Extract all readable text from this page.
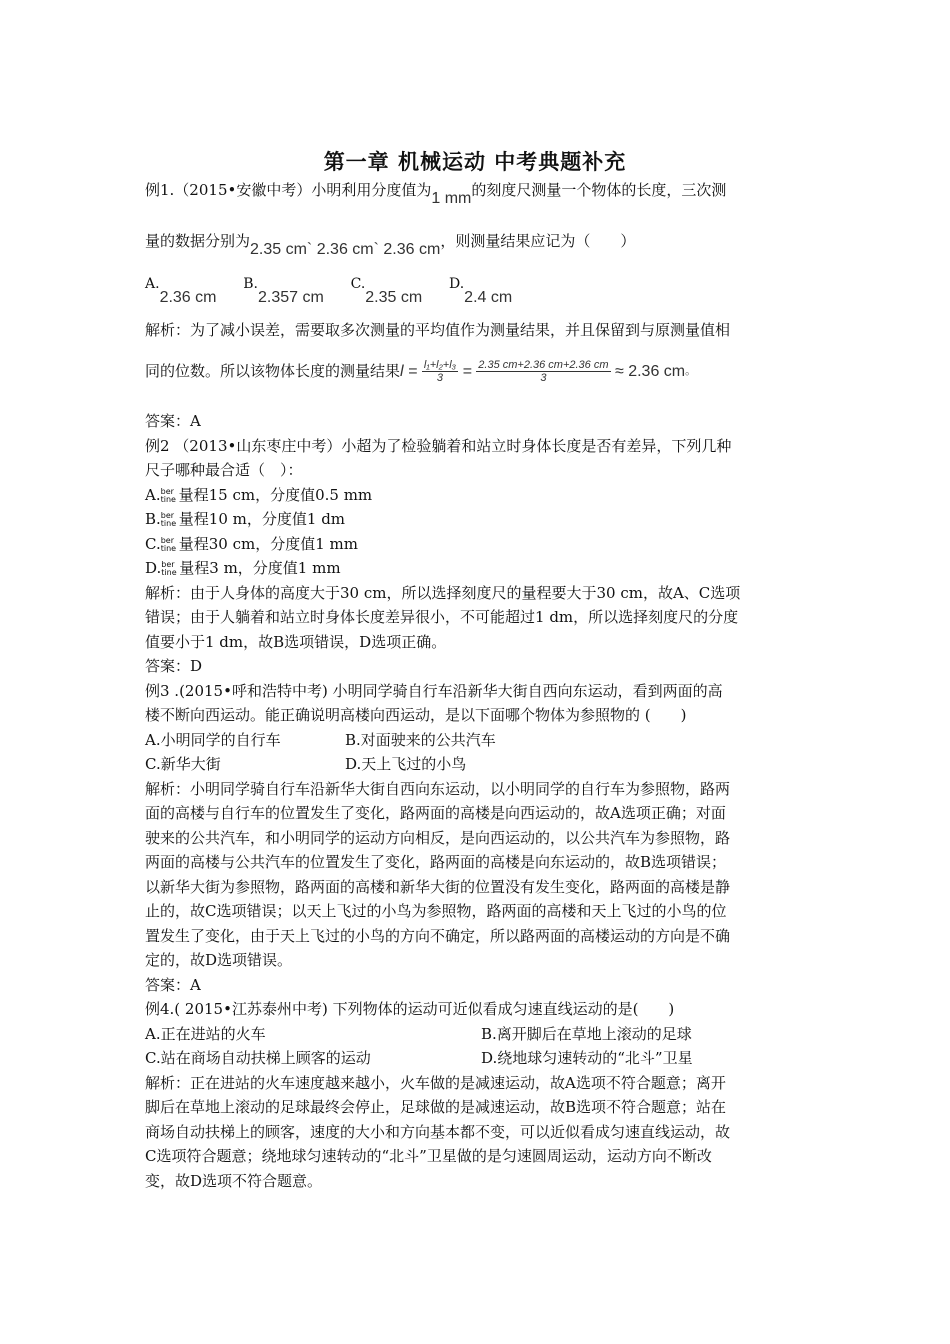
第一章 机械运动 中考典题补充

例1.（2015•安徽中考）小明利用分度值为1 mm的刻度尺测量一个物体的长度，三次测

量的数据分别为2.35 cm` 2.36 cm` 2.36 cm，则测量结果应记为（　　）

A.2.36 cm B.2.357 cm C.2.35 cm D.2.4 cm

解析：为了减小误差，需要取多次测量的平均值作为测量结果，并且保留到与原测量值相

同的位数。所以该物体长度的测量结果$l = \frac{\text{l₁+l₂+l₃}}{3} = \frac{2.35 cm+2.36 cm+2.36 cm}{3} \approx 2.36$ cm。

答案：A

例2 （2013•山东枣庄中考）小超为了检验躺着和站立时身体长度是否有差异，下列几种

尺子哪种最合适（　）：

A.ber
tine 量程15 cm，分度值0.5 mm

B.ber
tine 量程10 m，分度值1 dm

C.ber
tine 量程30 cm，分度值1 mm

D.ber
tine 量程3 m，分度值1 mm

解析：由于人身体的高度大于30 cm，所以选择刻度尺的量程要大于30 cm，故A、C选项

错误；由于人躺着和站立时身体长度差异很小，不可能超过1 dm，所以选择刻度尺的分度

值要小于1 dm，故B选项错误，D选项正确。

答案：D

例3 .(2015•呼和浩特中考) 小明同学骑自行车沿新华大街自西向东运动，看到两面的高

楼不断向西运动。能正确说明高楼向西运动，是以下面哪个物体为参照物的 (　　)

A.小明同学的自行车	B.对面驶来的公共汽车
C.新华大街	D.天上飞过的小鸟

解析：小明同学骑自行车沿新华大街自西向东运动，以小明同学的自行车为参照物，路两

面的高楼与自行车的位置发生了变化，路两面的高楼是向西运动的，故A选项正确；对面

驶来的公共汽车，和小明同学的运动方向相反，是向西运动的，以公共汽车为参照物，路

两面的高楼与公共汽车的位置发生了变化，路两面的高楼是向东运动的，故B选项错误；

以新华大街为参照物，路两面的高楼和新华大街的位置没有发生变化，路两面的高楼是静

止的，故C选项错误；以天上飞过的小鸟为参照物，路两面的高楼和天上飞过的小鸟的位

置发生了变化，由于天上飞过的小鸟的方向不确定，所以路两面的高楼运动的方向是不确

定的，故D选项错误。

答案：A

例4.( 2015•江苏泰州中考) 下列物体的运动可近似看成匀速直线运动的是(　　)

A.正在进站的火车	B.离开脚后在草地上滚动的足球
C.站在商场自动扶梯上顾客的运动	D.绕地球匀速转动的“北斗”卫星

解析：正在进站的火车速度越来越小，火车做的是减速运动，故A选项不符合题意；离开

脚后在草地上滚动的足球最终会停止，足球做的是减速运动，故B选项不符合题意；站在

商场自动扶梯上的顾客，速度的大小和方向基本都不变，可以近似看成匀速直线运动，故

C选项符合题意；绕地球匀速转动的“北斗”卫星做的是匀速圆周运动，运动方向不断改

变，故D选项不符合题意。
